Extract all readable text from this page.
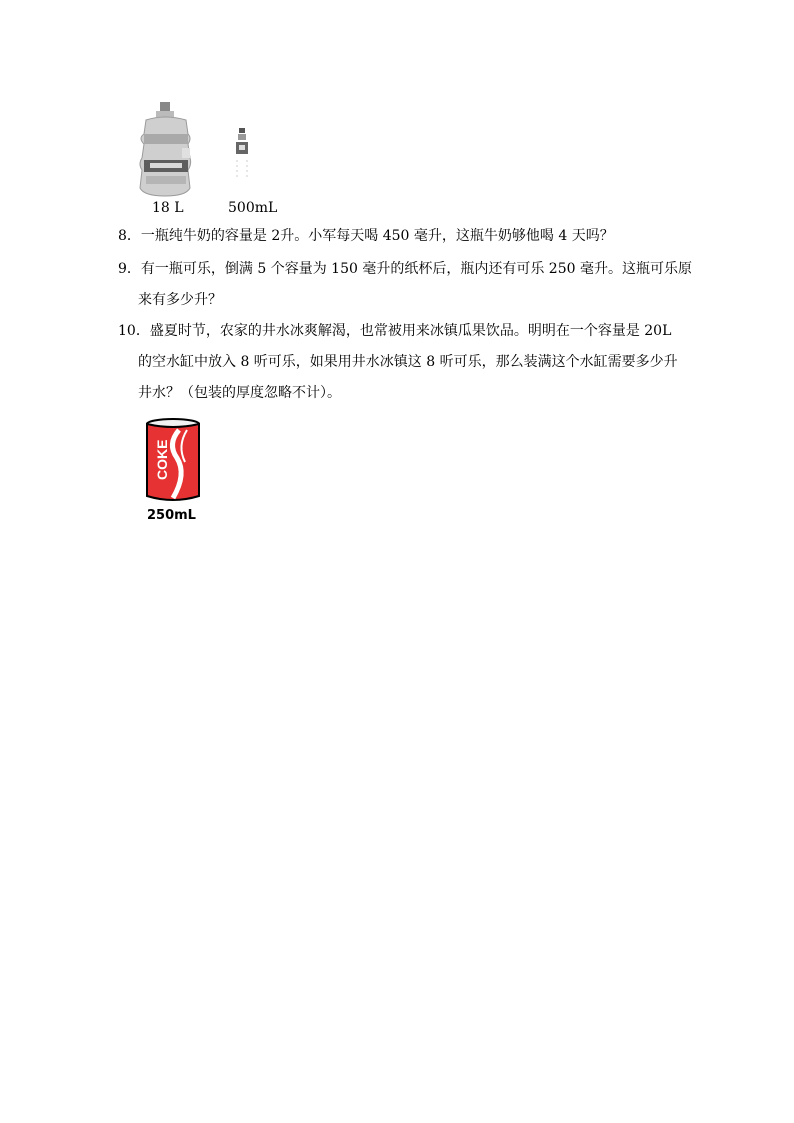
18 L	500mL
8．一瓶纯牛奶的容量是 2升。小军每天喝 450 毫升，这瓶牛奶够他喝 4 天吗？
9．有一瓶可乐，倒满 5 个容量为 150 毫升的纸杯后，瓶内还有可乐 250 毫升。这瓶可乐原
来有多少升？
10．盛夏时节，农家的井水冰爽解渴，也常被用来冰镇瓜果饮品。明明在一个容量是 20L
的空水缸中放入 8 听可乐，如果用井水冰镇这 8 听可乐，那么装满这个水缸需要多少升
井水？（包装的厚度忽略不计）。
COKE
250mL
